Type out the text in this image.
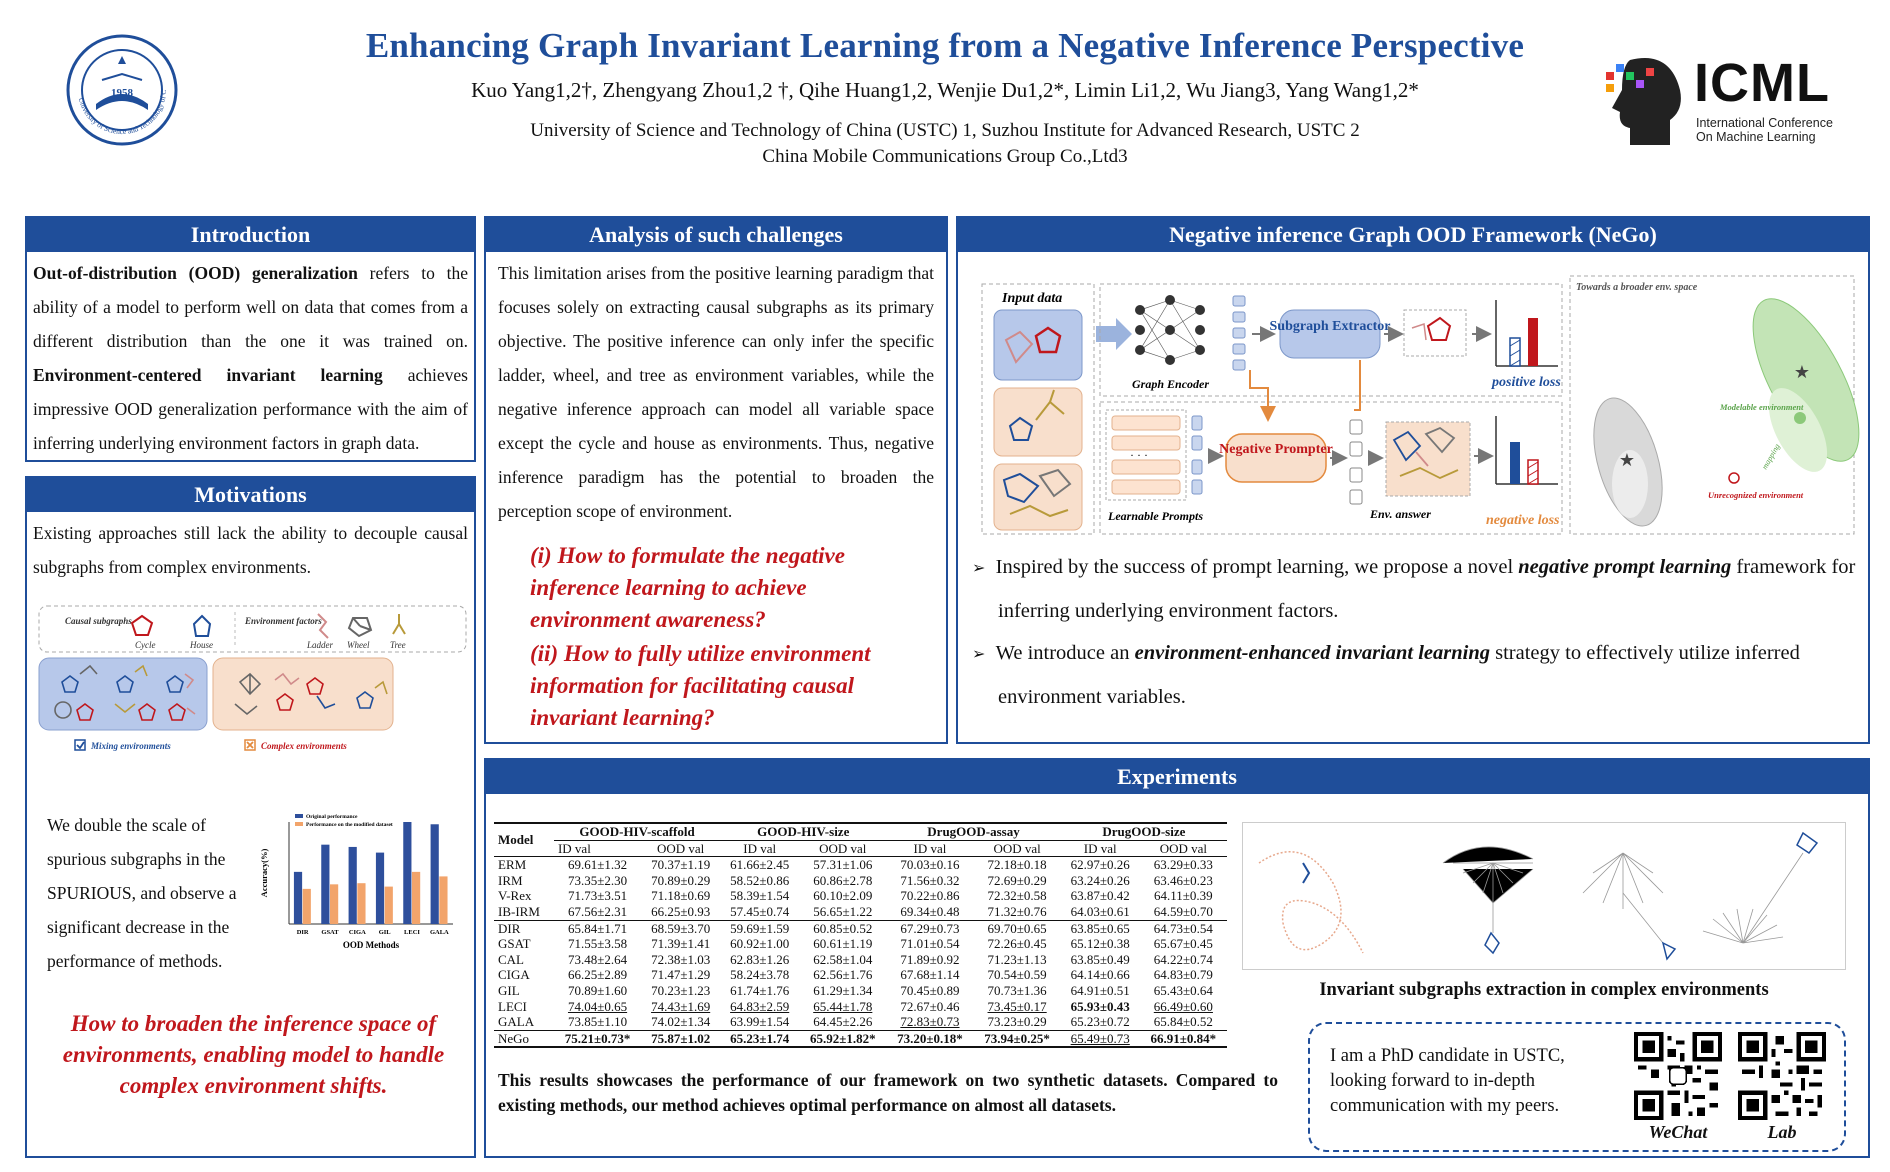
1958
University of Science and Technology of C
Enhancing Graph Invariant Learning from a Negative Inference Perspective
Kuo Yang1,2†, Zhengyang Zhou1,2 †, Qihe Huang1,2, Wenjie Du1,2*, Limin Li1,2, Wu Jiang3, Yang Wang1,2*
University of Science and Technology of China (USTC) 1, Suzhou Institute for Advanced Research, USTC 2
China Mobile Communications Group Co.,Ltd3
ICML
International Conference
On Machine Learning
Introduction
Out-of-distribution (OOD) generalization refers to the ability of a model to perform well on data that comes from a different distribution than the one it was trained on. Environment-centered invariant learning achieves impressive OOD generalization performance with the aim of inferring underlying environment factors in graph data.
Motivations
Existing approaches still lack the ability to decouple causal subgraphs from complex environments.
Causal subgraphs
Cycle	House
Environment factors
Ladder Wheel Tree
Mixing environments	Complex environments
We double the scale of spurious subgraphs in the SPURIOUS, and observe a significant decrease in the performance of methods.
DIR GSAT CIGA GIL LECI GALA
OOD Methods
Accuracy(%)
Original performance
Performance on the modified dataset
How to broaden the inference space of environments, enabling model to handle complex environment shifts.
Analysis of such challenges
This limitation arises from the positive learning paradigm that focuses solely on extracting causal subgraphs as its primary objective. The positive inference can only infer the specific ladder, wheel, and tree as environment variables, while the negative inference approach can model all variable space except the cycle and house as environments. Thus, negative inference paradigm has the potential to broaden the perception scope of environment.
(i) How to formulate the negative inference learning to achieve environment awareness?
(ii) How to fully utilize environment information for facilitating causal invariant learning?
Negative inference Graph OOD Framework (NeGo)
Input data
Graph Encoder
Subgraph Extractor
positive loss
· · ·
Learnable Prompts
Negative Prompter
Env. answer	negative loss
Towards a broader env. space
★
★
Modelable environment
Unrecognized environment
mapping
➢ Inspired by the success of prompt learning, we propose a novel negative prompt learning framework for inferring underlying environment factors.
➢ We introduce an environment-enhanced invariant learning strategy to effectively utilize inferred environment variables.
Experiments
Model	GOOD-HIV-scaffold		GOOD-HIV-size		DrugOOD-assay		DrugOOD-size	
	ID val	OOD val	ID val	OOD val	ID val	OOD val	ID val	OOD val
ERM	69.61±1.32	70.37±1.19	61.66±2.45	57.31±1.06	70.03±0.16	72.18±0.18	62.97±0.26	63.29±0.33
IRM	73.35±2.30	70.89±0.29	58.52±0.86	60.86±2.78	71.56±0.32	72.69±0.29	63.24±0.26	63.46±0.23
V-Rex	71.73±3.51	71.18±0.69	58.39±1.54	60.10±2.09	70.22±0.86	72.32±0.58	63.87±0.42	64.11±0.39
IB-IRM	67.56±2.31	66.25±0.93	57.45±0.74	56.65±1.22	69.34±0.48	71.32±0.76	64.03±0.61	64.59±0.70
DIR	65.84±1.71	68.59±3.70	59.69±1.59	60.85±0.52	67.29±0.73	69.70±0.65	63.85±0.65	64.73±0.54
GSAT	71.55±3.58	71.39±1.41	60.92±1.00	60.61±1.19	71.01±0.54	72.26±0.45	65.12±0.38	65.67±0.45
CAL	73.48±2.64	72.38±1.03	62.83±1.26	62.58±1.04	71.89±0.92	71.23±1.13	63.85±0.49	64.22±0.74
CIGA	66.25±2.89	71.47±1.29	58.24±3.78	62.56±1.76	67.68±1.14	70.54±0.59	64.14±0.66	64.83±0.79
GIL	70.89±1.60	70.23±1.23	61.74±1.76	61.29±1.34	70.45±0.89	70.73±1.36	64.91±0.51	65.43±0.64
LECI	74.04±0.65	74.43±1.69	64.83±2.59	65.44±1.78	72.67±0.46	73.45±0.17	65.93±0.43	66.49±0.60
GALA	73.85±1.10	74.02±1.34	63.99±1.54	64.45±2.26	72.83±0.73	73.23±0.29	65.23±0.72	65.84±0.52
NeGo	75.21±0.73*	75.87±1.02	65.23±1.74	65.92±1.82*	73.20±0.18*	73.94±0.25*	65.49±0.73	66.91±0.84*
This results showcases the performance of our framework on two synthetic datasets. Compared to existing methods, our method achieves optimal performance on almost all datasets.
Invariant subgraphs extraction in complex environments
I am a PhD candidate in USTC, looking forward to in-depth communication with my peers.
WeChat	Lab
